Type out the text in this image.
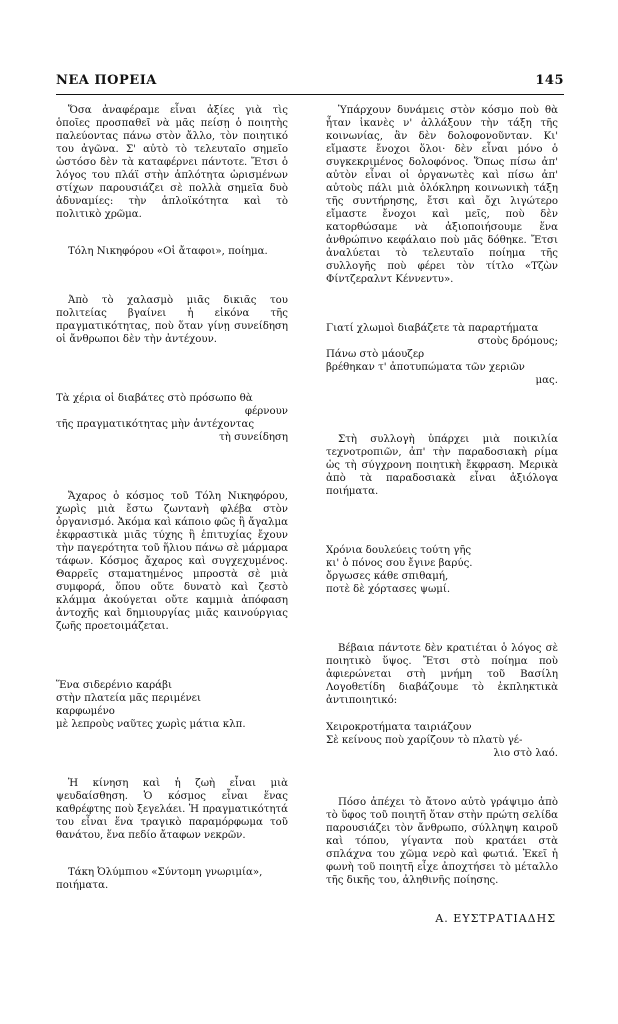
ΝΕΑ ΠΟΡΕΙΑ	145

Ὅσα ἀναφέραμε εἶναι ἀξίες γιὰ τὶς ὁποῖες προσπαθεῖ νὰ μᾶς πείσῃ ὁ ποιητὴς παλεύοντας πάνω στὸν ἄλλο, τὸν ποιητικό του ἀγῶνα. Σ' αὐτὸ τὸ τελευταῖο σημεῖο ὡστόσο δὲν τὰ καταφέρνει πάντοτε. Ἔτσι ὁ λόγος του πλάϊ στὴν ἁπλότητα ὡρισμένων στίχων παρουσιάζει σὲ πολλὰ σημεῖα δυὸ ἀδυναμίες: τὴν ἁπλοϊκότητα καὶ τὸ πολιτικὸ χρῶμα.

Τόλη Νικηφόρου «Οἱ ἄταφοι», ποίημα.

Ἀπὸ τὸ χαλασμὸ μιᾶς δικιᾶς του πολιτείας βγαίνει ἡ εἰκόνα τῆς πραγματικότητας, ποὺ ὅταν γίνῃ συνείδηση οἱ ἄνθρωποι δὲν τὴν ἀντέχουν.

Τὰ χέρια οἱ διαβάτες στὸ πρόσωπο θὰ
φέρνουν
τῆς πραγματικότητας μὴν ἀντέχοντας
τὴ συνείδηση

Ἄχαρος ὁ κόσμος τοῦ Τόλη Νικηφόρου, χωρὶς μιὰ ἔστω ζωντανὴ φλέβα στὸν ὀργανισμό. Ἀκόμα καὶ κάποιο φῶς ἢ ἄγαλμα ἐκφραστικὰ μιᾶς τύχης ἢ ἐπιτυχίας ἔχουν τὴν παγερότητα τοῦ ἥλιου πάνω σὲ μάρμαρα τάφων. Κόσμος ἄχαρος καὶ συγχεχυμένος. Θαρρεῖς σταματημένος μπροστὰ σὲ μιὰ συμφορά, ὅπου οὔτε δυνατὸ καὶ ζεστὸ κλάμμα ἀκούγεται οὔτε καμμιὰ ἀπόφαση ἀντοχῆς καὶ δημιουργίας μιᾶς καινούργιας ζωῆς προετοιμάζεται.

Ἕνα σιδερένιο καράβι
στὴν πλατεία μᾶς περιμένει
καρφωμένο
μὲ λεπροὺς ναῦτες χωρὶς μάτια κλπ.

Ἡ κίνηση καὶ ἡ ζωὴ εἶναι μιὰ ψευδαίσθηση. Ὁ κόσμος εἶναι ἕνας καθρέφτης ποὺ ξεγελάει. Ἡ πραγματικότητά του εἶναι ἕνα τραγικὸ παραμόρφωμα τοῦ θανάτου, ἕνα πεδίο ἄταφων νεκρῶν.

Τάκη Ὀλύμπιου «Σύντομη γνωριμία», ποιήματα.

Ὑπάρχουν δυνάμεις στὸν κόσμο ποὺ θὰ ἦταν ἱκανὲς ν' ἀλλάξουν τὴν τάξη τῆς κοινωνίας, ἂν δὲν δολοφονοῦνταν. Κι' εἴμαστε ἔνοχοι ὅλοι· δὲν εἶναι μόνο ὁ συγκεκριμένος δολοφόνος. Ὅπως πίσω ἀπ' αὐτὸν εἶναι οἱ ὀργανωτὲς καὶ πίσω ἀπ' αὐτοὺς πάλι μιὰ ὁλόκληρη κοινωνικὴ τάξη τῆς συντήρησης, ἔτσι καὶ ὄχι λιγώτερο εἴμαστε ἔνοχοι καὶ μεῖς, ποὺ δὲν κατορθώσαμε νὰ ἀξιοποιήσουμε ἕνα ἀνθρώπινο κεφάλαιο ποὺ μᾶς δόθηκε. Ἔτσι ἀναλύεται τὸ τελευταῖο ποίημα τῆς συλλογῆς ποὺ φέρει τὸν τίτλο «Τζὼν Φίντζεραλντ Κέννεντυ».

Γιατί χλωμοὶ διαβάζετε τὰ παραρτήματα
στοὺς δρόμους;
Πάνω στὸ μάουζερ
βρέθηκαν τ' ἀποτυπώματα τῶν χεριῶν
μας.

Στὴ συλλογὴ ὑπάρχει μιὰ ποικιλία τεχνοτροπιῶν, ἀπ' τὴν παραδοσιακὴ ρίμα ὡς τὴ σύγχρονη ποιητικὴ ἔκφραση. Μερικὰ ἀπὸ τὰ παραδοσιακὰ εἶναι ἀξιόλογα ποιήματα.

Χρόνια δουλεύεις τούτη γῆς
κι' ὁ πόνος σου ἔγινε βαρύς.
ὄργωσες κάθε σπιθαμή,
ποτὲ δὲ χόρτασες ψωμί.

Βέβαια πάντοτε δὲν κρατιέται ὁ λόγος σὲ ποιητικὸ ὕψος. Ἔτσι στὸ ποίημα ποὺ ἀφιερώνεται στὴ μνήμη τοῦ Βασίλη Λογοθετίδη διαβάζουμε τὸ ἐκπληκτικὰ ἀντιποιητικό:

Χειροκροτήματα ταιριάζουν
Σὲ κείνους ποὺ χαρίζουν τὸ πλατὺ γέ-
λιο στὸ λαό.

Πόσο ἀπέχει τὸ ἄτονο αὐτὸ γράψιμο ἀπὸ τὸ ὕφος τοῦ ποιητῆ ὅταν στὴν πρώτη σελίδα παρουσιάζει τὸν ἄνθρωπο, σύλληψη καιροῦ καὶ τόπου, γίγαντα ποὺ κρατάει στὰ σπλάχνα του χῶμα νερὸ καὶ φωτιά. Ἐκεῖ ἡ φωνὴ τοῦ ποιητῆ εἶχε ἀποχτήσει τὸ μέταλλο τῆς δικῆς του, ἀληθινῆς ποίησης.

Α. ΕΥΣΤΡΑΤΙΑΔΗΣ
